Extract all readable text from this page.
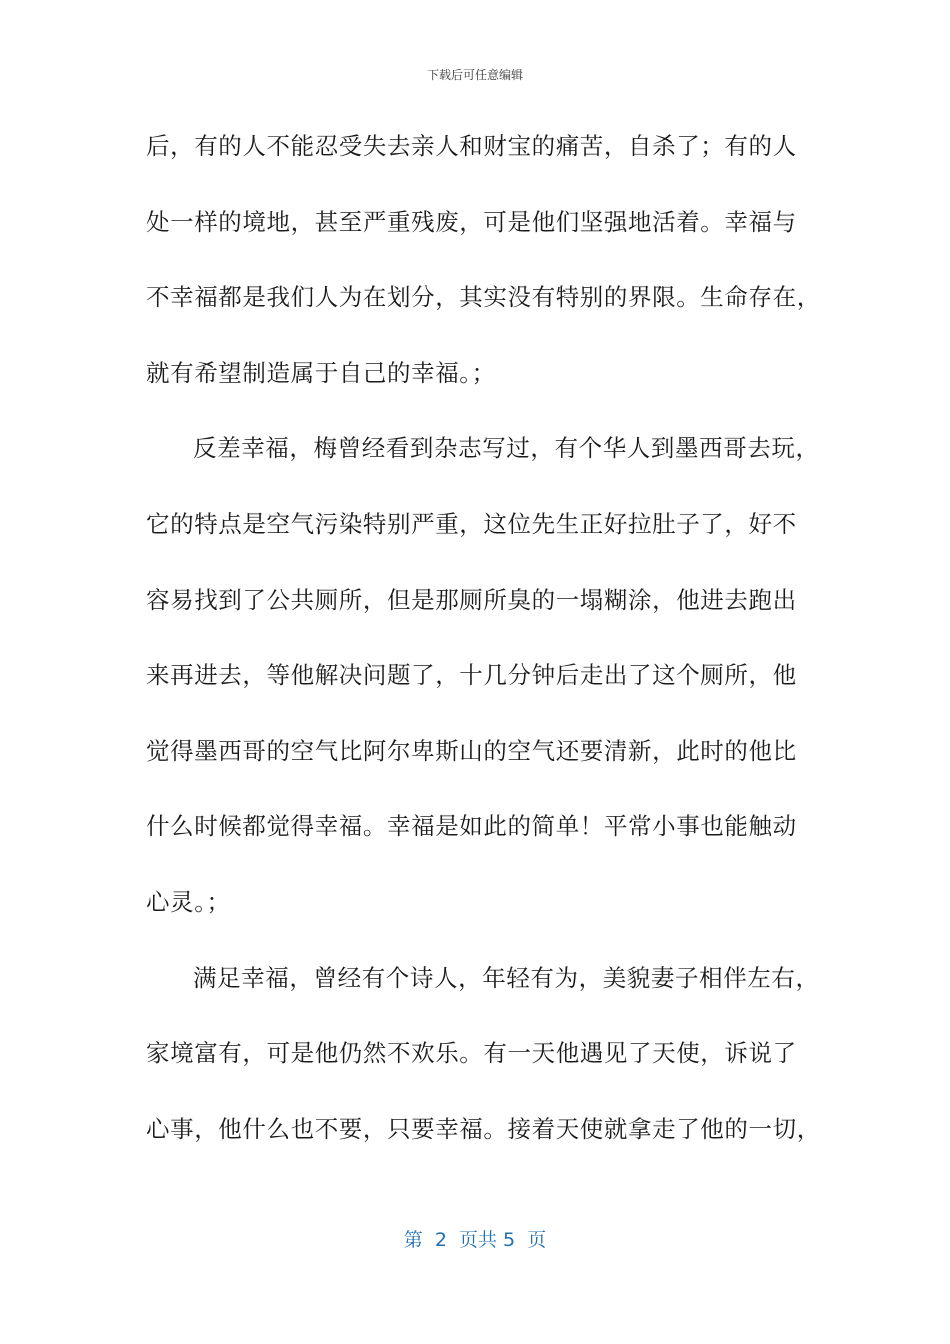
下载后可任意编辑
后，有的人不能忍受失去亲人和财宝的痛苦，自杀了；有的人
处一样的境地，甚至严重残废，可是他们坚强地活着。幸福与
不幸福都是我们人为在划分，其实没有特别的界限。生命存在，
就有希望制造属于自己的幸福。；
反差幸福，梅曾经看到杂志写过，有个华人到墨西哥去玩，
它的特点是空气污染特别严重，这位先生正好拉肚子了，好不
容易找到了公共厕所，但是那厕所臭的一塌糊涂，他进去跑出
来再进去，等他解决问题了，十几分钟后走出了这个厕所，他
觉得墨西哥的空气比阿尔卑斯山的空气还要清新，此时的他比
什么时候都觉得幸福。幸福是如此的简单！平常小事也能触动
心灵。；
满足幸福，曾经有个诗人，年轻有为，美貌妻子相伴左右，
家境富有，可是他仍然不欢乐。有一天他遇见了天使，诉说了
心事，他什么也不要，只要幸福。接着天使就拿走了他的一切，
第  2  页共 5  页
